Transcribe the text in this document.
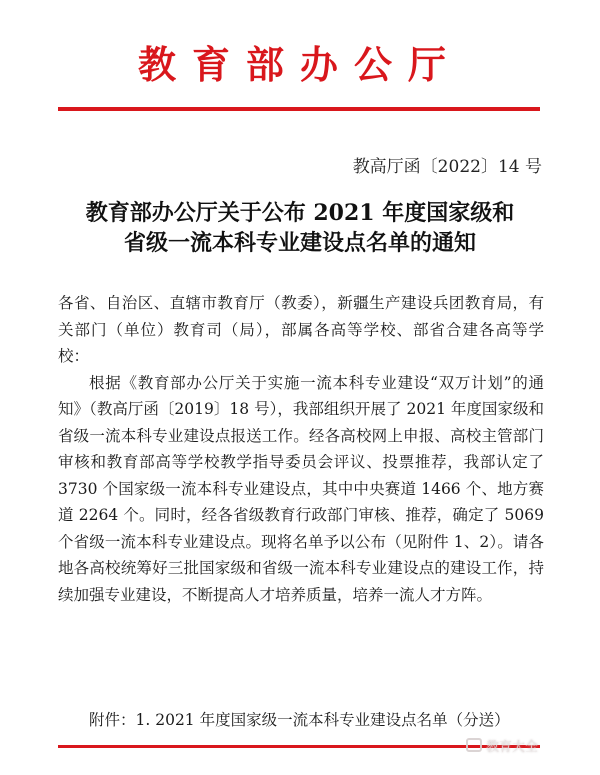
教育部办公厅
教高厅函〔2022〕14 号
教育部办公厅关于公布 2021 年度国家级和
省级一流本科专业建设点名单的通知

各省、自治区、直辖市教育厅（教委），新疆生产建设兵团教育局，有关部门（单位）教育司（局），部属各高等学校、部省合建各高等学校：

根据《教育部办公厅关于实施一流本科专业建设“双万计划”的通知》（教高厅函〔2019〕18 号），我部组织开展了 2021 年度国家级和省级一流本科专业建设点报送工作。经各高校网上申报、高校主管部门审核和教育部高等学校教学指导委员会评议、投票推荐，我部认定了 3730 个国家级一流本科专业建设点，其中中央赛道 1466 个、地方赛道 2264 个。同时，经各省级教育行政部门审核、推荐，确定了 5069 个省级一流本科专业建设点。现将名单予以公布（见附件 1、2）。请各地各高校统筹好三批国家级和省级一流本科专业建设点的建设工作，持续加强专业建设，不断提高人才培养质量，培养一流人才方阵。

附件：1. 2021 年度国家级一流本科专业建设点名单（分送）
教育大全
